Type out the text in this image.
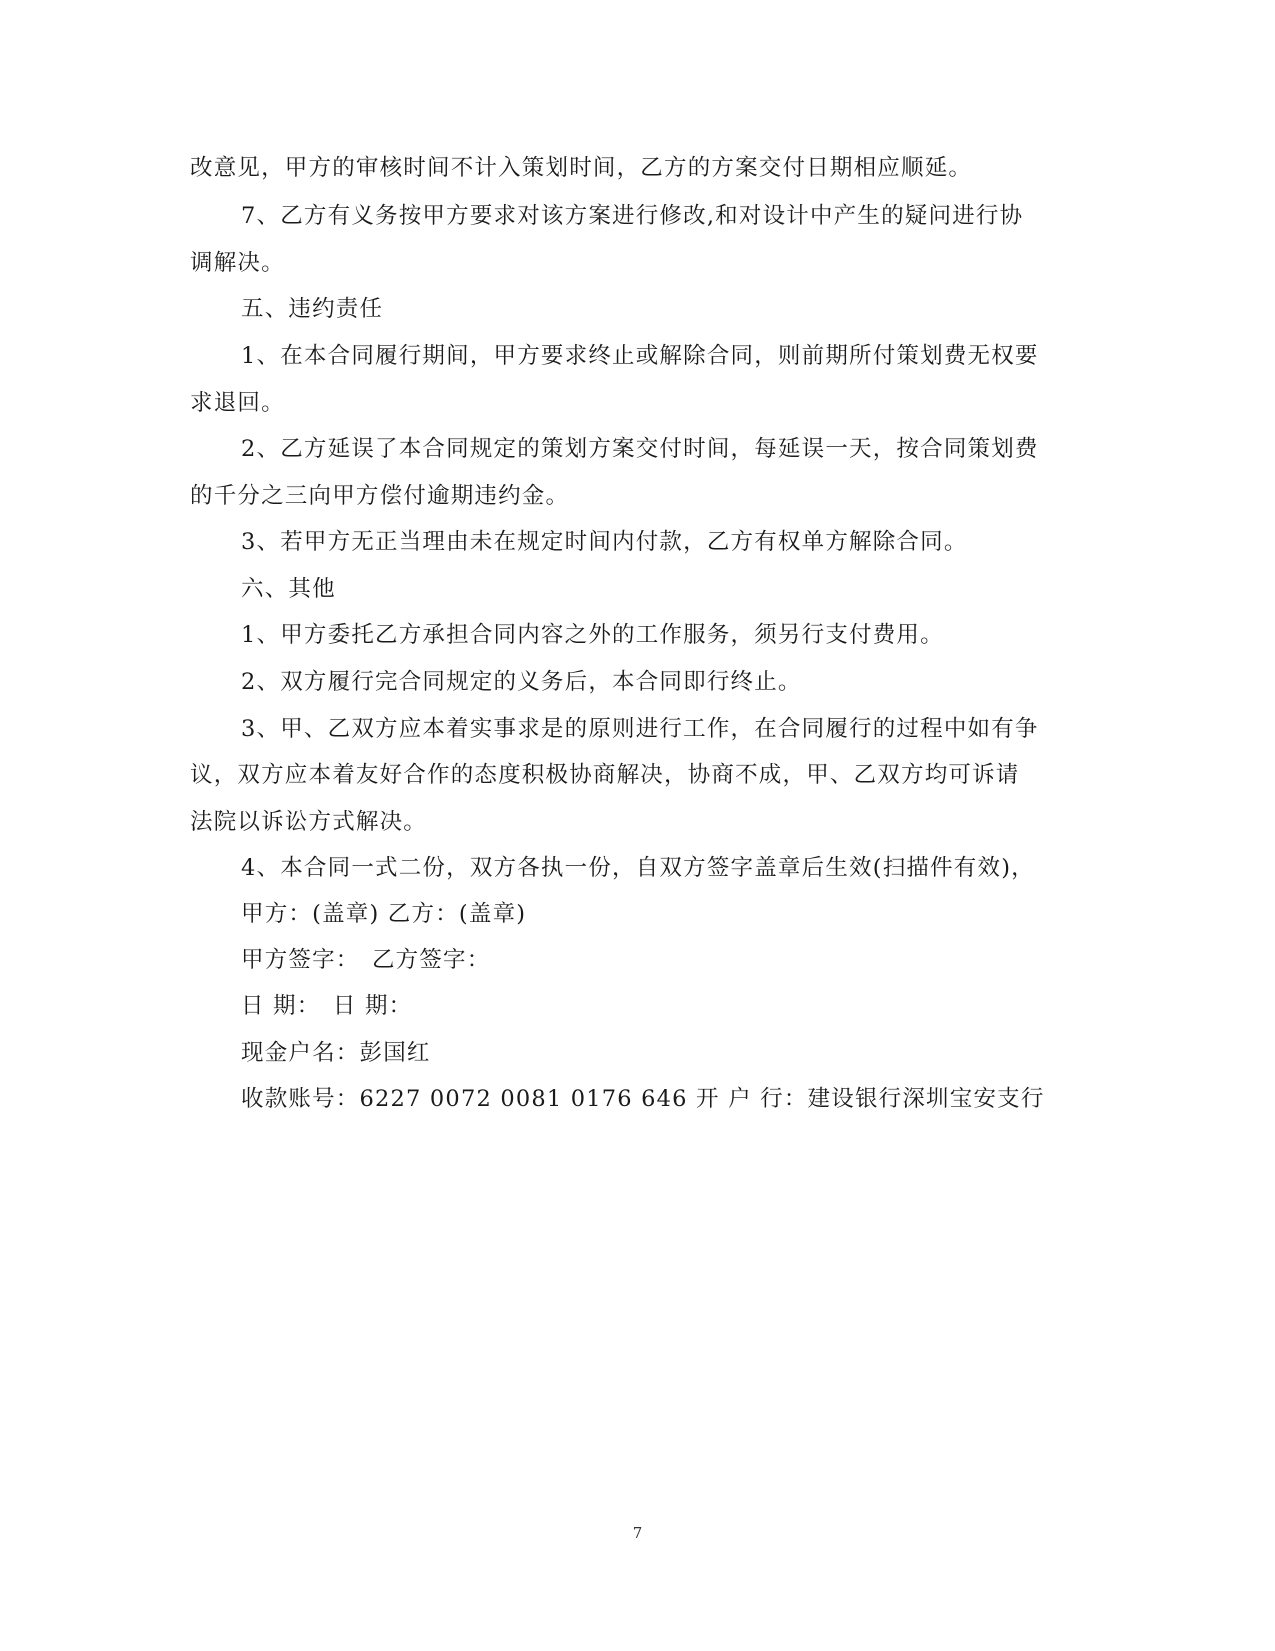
改意见，甲方的审核时间不计入策划时间，乙方的方案交付日期相应顺延。
7、乙方有义务按甲方要求对该方案进行修改,和对设计中产生的疑问进行协
调解决。
五、违约责任
1、在本合同履行期间，甲方要求终止或解除合同，则前期所付策划费无权要
求退回。
2、乙方延误了本合同规定的策划方案交付时间，每延误一天，按合同策划费
的千分之三向甲方偿付逾期违约金。
3、若甲方无正当理由未在规定时间内付款，乙方有权单方解除合同。
六、其他
1、甲方委托乙方承担合同内容之外的工作服务，须另行支付费用。
2、双方履行完合同规定的义务后，本合同即行终止。
3、甲、乙双方应本着实事求是的原则进行工作，在合同履行的过程中如有争
议，双方应本着友好合作的态度积极协商解决，协商不成，甲、乙双方均可诉请
法院以诉讼方式解决。
4、本合同一式二份，双方各执一份，自双方签字盖章后生效(扫描件有效)，
甲方：(盖章) 乙方：(盖章)
甲方签字：　乙方签字：
日 期：　日 期：
现金户名：彭国红
收款账号：6227 0072 0081 0176 646 开 户 行：建设银行深圳宝安支行
7
